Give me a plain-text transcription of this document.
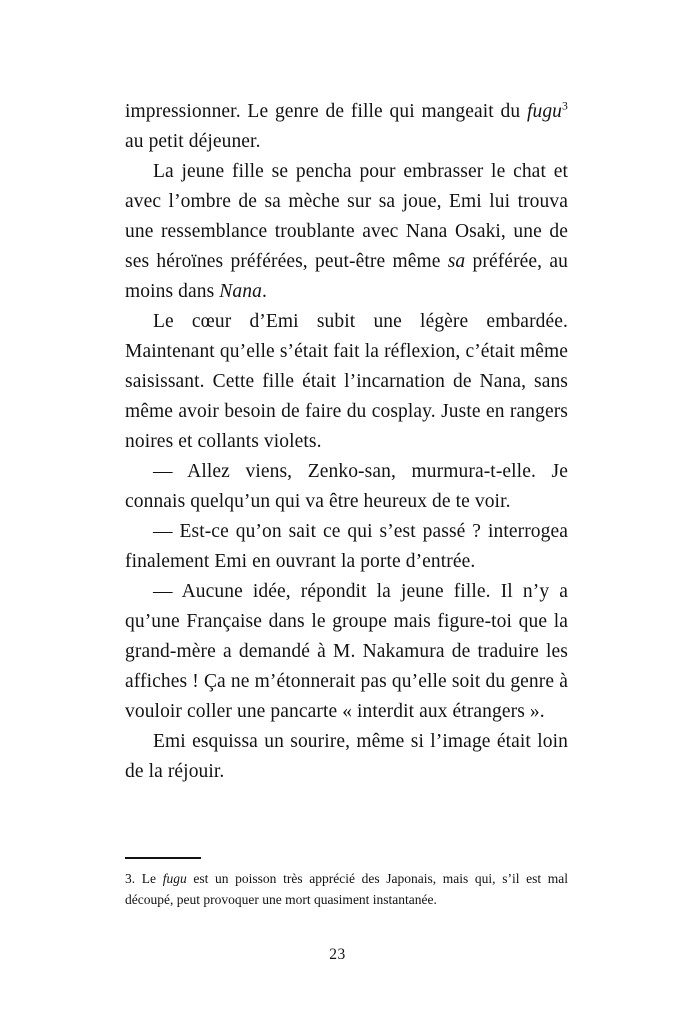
impressionner. Le genre de fille qui mangeait du fugu$^3$ au petit déjeuner.

La jeune fille se pencha pour embrasser le chat et avec l’ombre de sa mèche sur sa joue, Emi lui trouva une ressemblance troublante avec Nana Osaki, une de ses héroïnes préférées, peut-être même sa préférée, au moins dans Nana.

Le cœur d’Emi subit une légère embardée. Maintenant qu’elle s’était fait la réflexion, c’était même saisissant. Cette fille était l’incarnation de Nana, sans même avoir besoin de faire du cosplay. Juste en rangers noires et collants violets.

— Allez viens, Zenko-san, murmura-t-elle. Je connais quelqu’un qui va être heureux de te voir.

— Est-ce qu’on sait ce qui s’est passé ? interrogea finalement Emi en ouvrant la porte d’entrée.

— Aucune idée, répondit la jeune fille. Il n’y a qu’une Française dans le groupe mais figure-toi que la grand-mère a demandé à M. Nakamura de traduire les affiches ! Ça ne m’étonnerait pas qu’elle soit du genre à vouloir coller une pancarte « interdit aux étrangers ».

Emi esquissa un sourire, même si l’image était loin de la réjouir.

3. Le fugu est un poisson très apprécié des Japonais, mais qui, s’il est mal découpé, peut provoquer une mort quasiment instantanée.
23
